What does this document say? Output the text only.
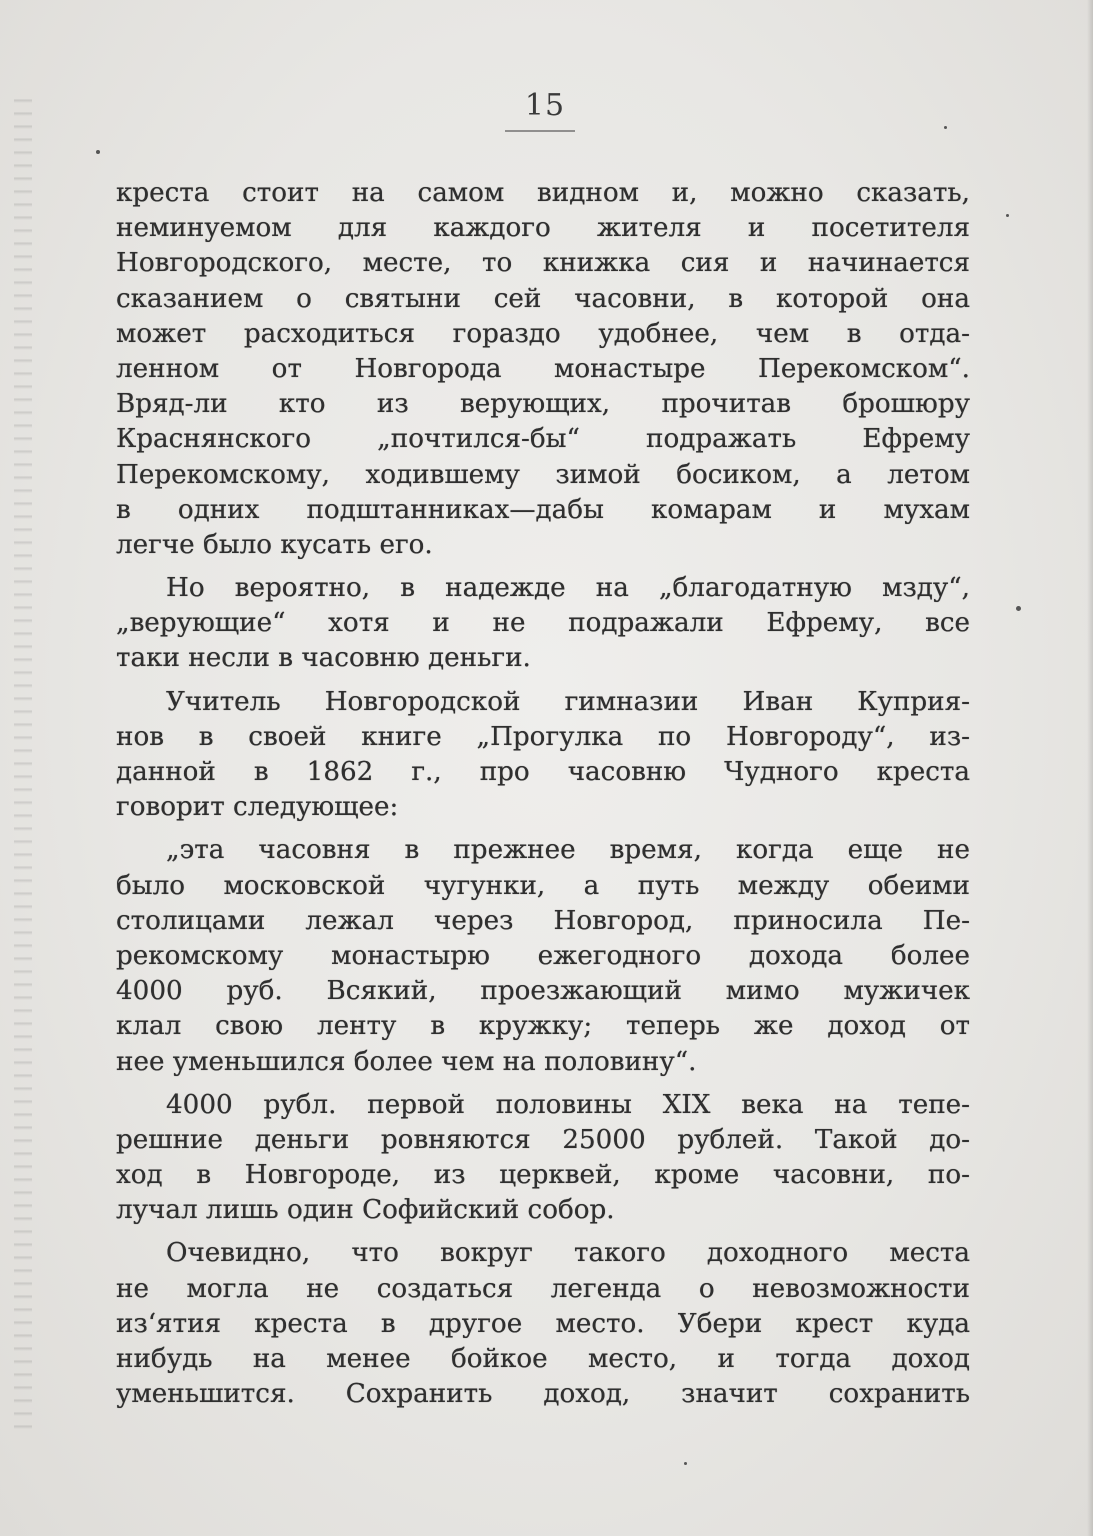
15
креста стоит на самом видном и, можно сказать,
неминуемом для каждого жителя и посетителя
Новгородского, месте, то книжка сия и начинается
сказанием о святыни сей часовни, в которой она
может расходиться гораздо удобнее, чем в отда-
ленном от Новгорода монастыре Перекомском“.
Вряд-ли кто из верующих, прочитав брошюру
Краснянского „почтился-бы“ подражать Ефрему
Перекомскому, ходившему зимой босиком, а летом
в одних подштанниках—дабы комарам и мухам
легче было кусать его.
Но вероятно, в надежде на „благодатную мзду“,
„верующие“ хотя и не подражали Ефрему, все
таки несли в часовню деньги.
Учитель Новгородской гимназии Иван Куприя-
нов в своей книге „Прогулка по Новгороду“, из-
данной в 1862 г., про часовню Чудного креста
говорит следующее:
„эта часовня в прежнее время, когда еще не
было московской чугунки, а путь между обеими
столицами лежал через Новгород, приносила Пе-
рекомскому монастырю ежегодного дохода более
4000 руб. Всякий, проезжающий мимо мужичек
клал свою ленту в кружку; теперь же доход от
нее уменьшился более чем на половину“.
4000 рубл. первой половины XIX века на тепе-
решние деньги ровняются 25000 рублей. Такой до-
ход в Новгороде, из церквей, кроме часовни, по-
лучал лишь один Софийский собор.
Очевидно, что вокруг такого доходного места
не могла не создаться легенда о невозможности
из‘ятия креста в другое место. Убери крест куда
нибудь на менее бойкое место, и тогда доход
уменьшится. Сохранить доход, значит сохранить
